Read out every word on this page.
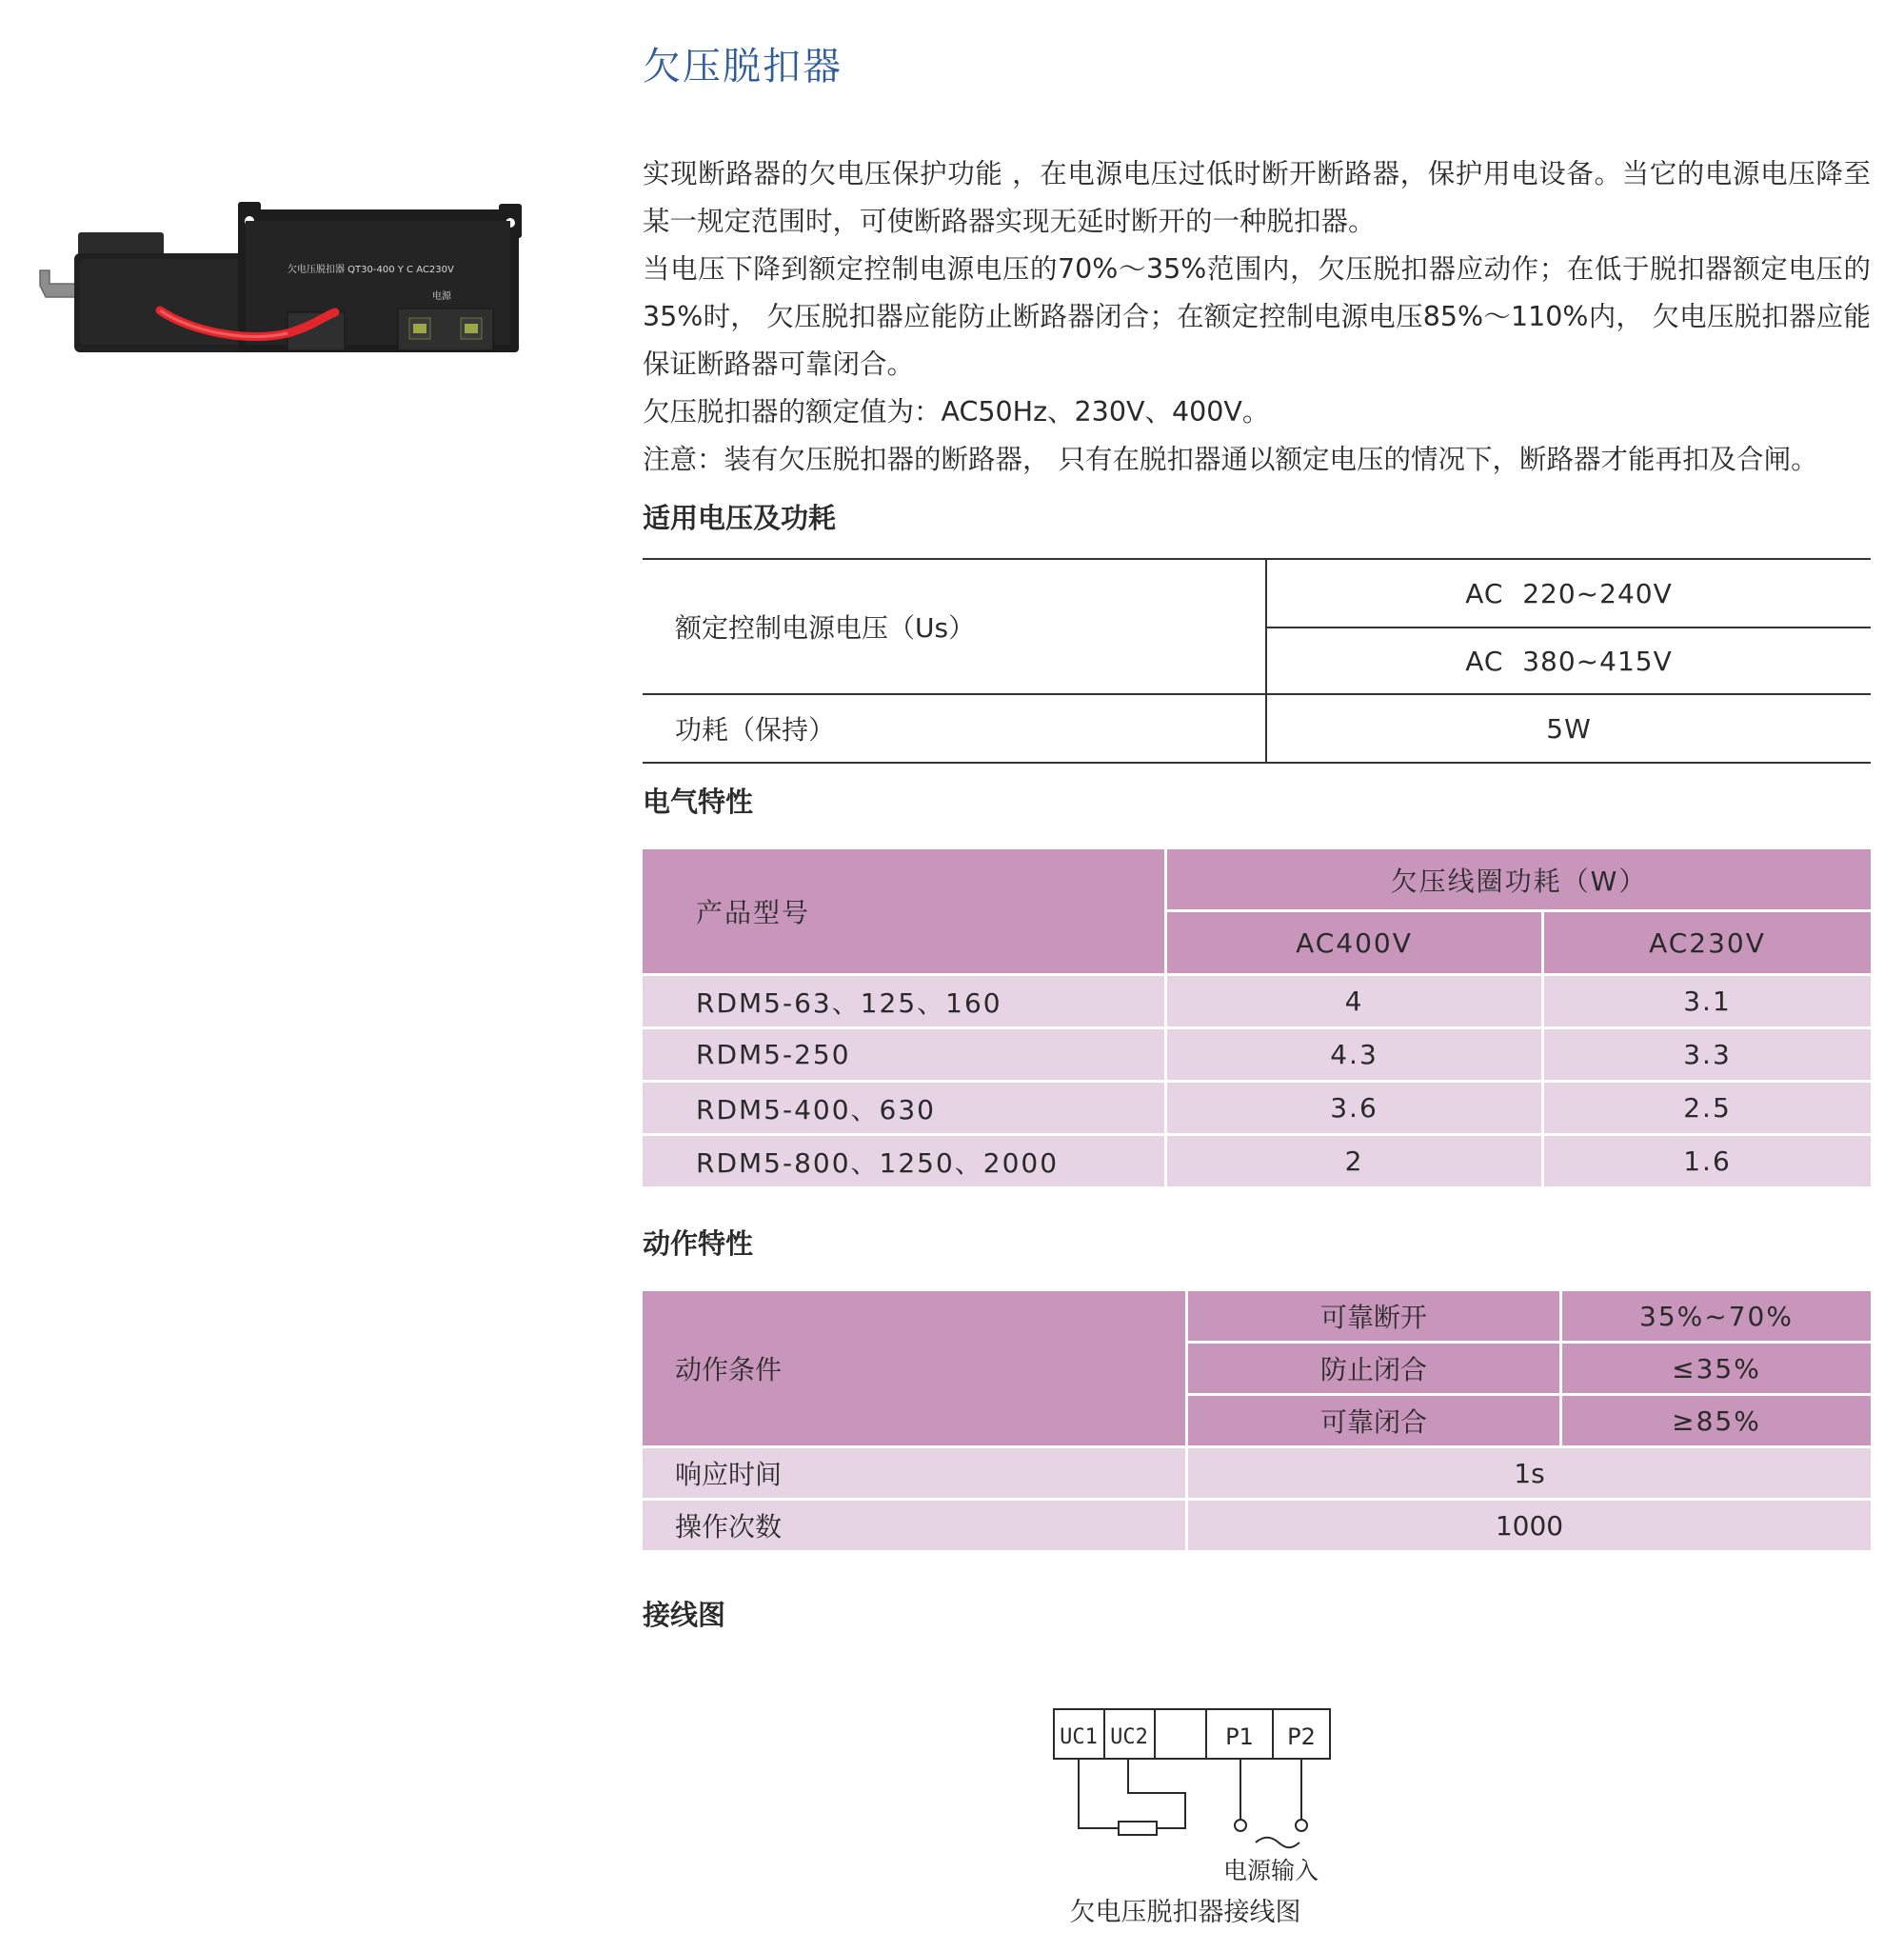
欠电压脱扣器 QT30-400 Y C AC230V
电源
欠压脱扣器

实现断路器的欠电压保护功能 ，在电源电压过低时断开断路器，保护用电设备。当它的电源电压降至某一规定范围时，可使断路器实现无延时断开的一种脱扣器。

当电压下降到额定控制电源电压的70%～35%范围内，欠压脱扣器应动作；在低于脱扣器额定电压的35%时， 欠压脱扣器应能防止断路器闭合；在额定控制电源电压85%～110%内， 欠电压脱扣器应能保证断路器可靠闭合。

欠压脱扣器的额定值为：AC50Hz、230V、400V。

注意：装有欠压脱扣器的断路器， 只有在脱扣器通以额定电压的情况下，断路器才能再扣及合闸。

适用电压及功耗
额定控制电源电压（Us）	AC 220~240V
	AC 380~415V
功耗（保持）	5W
电气特性
产品型号	欠压线圈功耗（W）	
	AC400V	AC230V
RDM5-63、125、160	4	3.1
RDM5-250	4.3	3.3
RDM5-400、630	3.6	2.5
RDM5-800、1250、2000	2	1.6
动作特性
动作条件	可靠断开	35%~70%
	防止闭合	≤35%
	可靠闭合	≥85%
响应时间	1s	
操作次数	1000	
接线图
UC1 UC2	P1 P2
电源输入
欠电压脱扣器接线图
